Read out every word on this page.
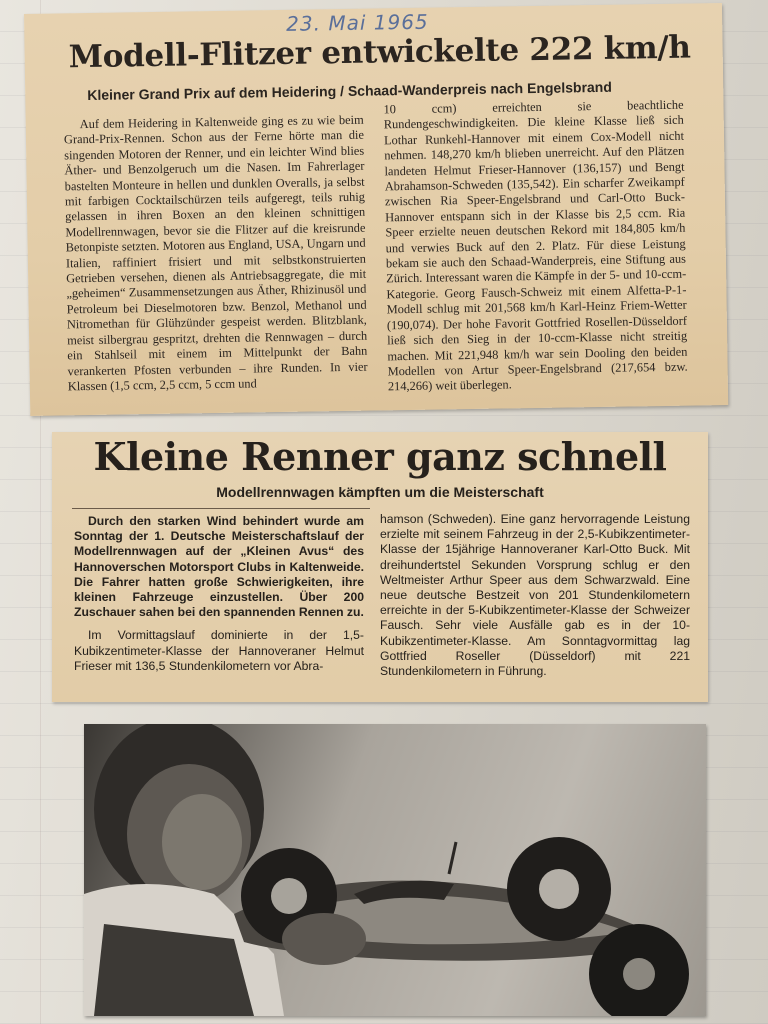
23. Mai 1965
Modell-Flitzer entwickelte 222 km/h
Kleiner Grand Prix auf dem Heidering / Schaad-Wanderpreis nach Engelsbrand
Auf dem Heidering in Kaltenweide ging es zu wie beim Grand-Prix-Rennen. Schon aus der Ferne hörte man die singenden Motoren der Renner, und ein leichter Wind blies Äther- und Benzolgeruch um die Nasen. Im Fahrerlager bastelten Monteure in hellen und dunklen Overalls, ja selbst mit farbigen Cocktailschürzen teils aufgeregt, teils ruhig gelassen in ihren Boxen an den kleinen schnittigen Modellrennwagen, bevor sie die Flitzer auf die kreisrunde Betonpiste setzten. Motoren aus England, USA, Ungarn und Italien, raffiniert frisiert und mit selbstkonstruierten Getrieben versehen, dienen als Antriebsaggregate, die mit „geheimen“ Zusammensetzungen aus Äther, Rhizinusöl und Petroleum bei Dieselmotoren bzw. Benzol, Methanol und Nitromethan für Glühzünder gespeist werden. Blitzblank, meist silbergrau gespritzt, drehten die Rennwagen – durch ein Stahlseil mit einem im Mittelpunkt der Bahn verankerten Pfosten verbunden – ihre Runden. In vier Klassen (1,5 ccm, 2,5 ccm, 5 ccm und
10 ccm) erreichten sie beachtliche Rundengeschwindigkeiten. Die kleine Klasse ließ sich Lothar Runkehl-Hannover mit einem Cox-Modell nicht nehmen. 148,270 km/h blieben unerreicht. Auf den Plätzen landeten Helmut Frieser-Hannover (136,157) und Bengt Abrahamson-Schweden (135,542). Ein scharfer Zweikampf zwischen Ria Speer-Engelsbrand und Carl-Otto Buck-Hannover entspann sich in der Klasse bis 2,5 ccm. Ria Speer erzielte neuen deutschen Rekord mit 184,805 km/h und verwies Buck auf den 2. Platz. Für diese Leistung bekam sie auch den Schaad-Wanderpreis, eine Stiftung aus Zürich. Interessant waren die Kämpfe in der 5- und 10-ccm-Kategorie. Georg Fausch-Schweiz mit einem Alfetta-P-1-Modell schlug mit 201,568 km/h Karl-Heinz Friem-Wetter (190,074). Der hohe Favorit Gottfried Rosellen-Düsseldorf ließ sich den Sieg in der 10-ccm-Klasse nicht streitig machen. Mit 221,948 km/h war sein Dooling den beiden Modellen von Artur Speer-Engelsbrand (217,654 bzw. 214,266) weit überlegen.
Kleine Renner ganz schnell
Modellrennwagen kämpften um die Meisterschaft

Durch den starken Wind behindert wurde am Sonntag der 1. Deutsche Meisterschaftslauf der Modellrennwagen auf der „Kleinen Avus“ des Hannoverschen Motorsport Clubs in Kaltenweide. Die Fahrer hatten große Schwierigkeiten, ihre kleinen Fahrzeuge einzustellen. Über 200 Zuschauer sahen bei den spannenden Rennen zu.

Im Vormittagslauf dominierte in der 1,5-Kubikzentimeter-Klasse der Hannoveraner Helmut Frieser mit 136,5 Stundenkilometern vor Abra-

hamson (Schweden). Eine ganz hervorragende Leistung erzielte mit seinem Fahrzeug in der 2,5-Kubikzentimeter-Klasse der 15jährige Hannoveraner Karl-Otto Buck. Mit dreihundertstel Sekunden Vorsprung schlug er den Weltmeister Arthur Speer aus dem Schwarzwald. Eine neue deutsche Bestzeit von 201 Stundenkilometern erreichte in der 5-Kubikzentimeter-Klasse der Schweizer Fausch. Sehr viele Ausfälle gab es in der 10-Kubikzentimeter-Klasse. Am Sonntagvormittag lag Gottfried Roseller (Düsseldorf) mit 221 Stundenkilometern in Führung.
